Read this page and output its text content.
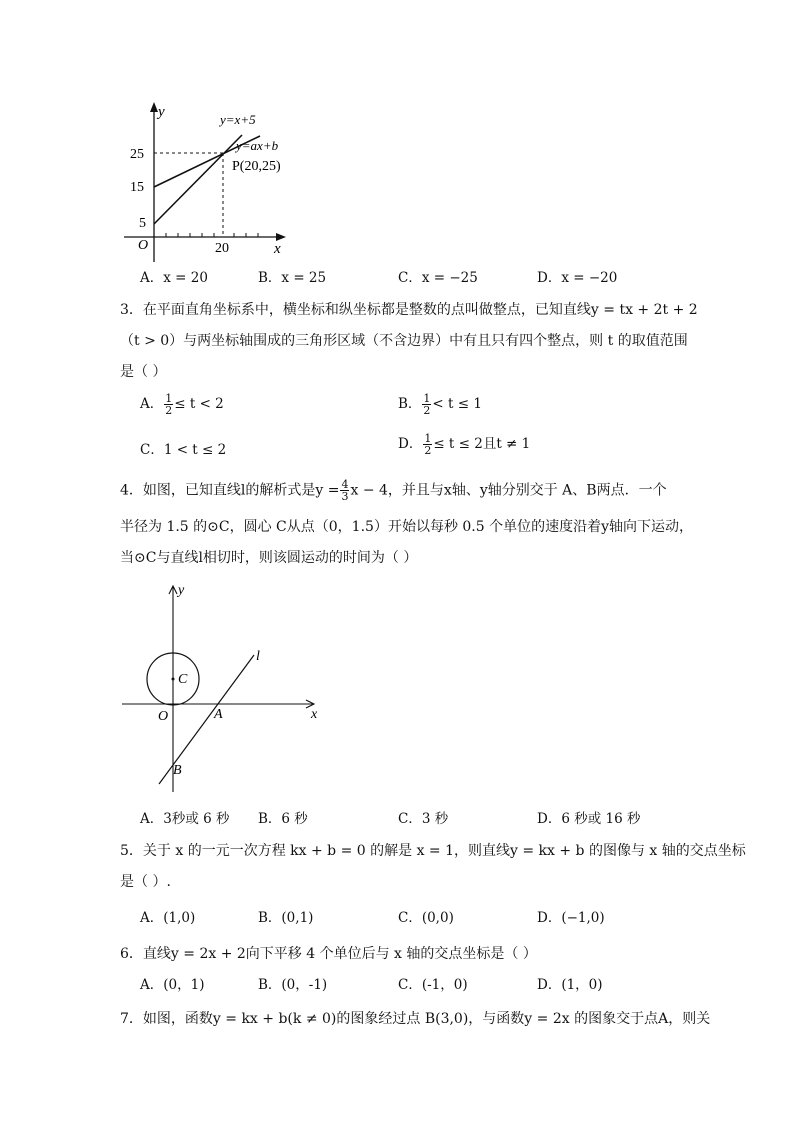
y
x
O
y=x+5
y=ax+b
P(20,25)
25
15
5
20
A．x = 20	B．x = 25	C．x = −25	D．x = −20
3．在平面直角坐标系中，横坐标和纵坐标都是整数的点叫做整点，已知直线y = tx + 2t + 2
（t > 0）与两坐标轴围成的三角形区域（不含边界）中有且只有四个整点，则 t 的取值范围
是（ ）
A． $\frac{1}{2} \le t < 2$	B． $\frac{1}{2} < t \le 1$
C．1 < t ≤ 2	D． $\frac{1}{2} \le t \le 2$且t ≠ 1
4．如图，已知直线l的解析式是$y = \frac{4}{3}$ x − 4，并且与x轴、y轴分别交于 A、B两点．一个
半径为 1.5 的⊙C，圆心 C从点（0，1.5）开始以每秒 0.5 个单位的速度沿着y轴向下运动，
当⊙C与直线l相切时，则该圆运动的时间为（ ）
y
x
O
C
l
A
B
A．3秒或 6 秒 B．6 秒	C．3 秒	D．6 秒或 16 秒
5．关于 x 的一元一次方程 kx + b = 0 的解是 x = 1，则直线y = kx + b 的图像与 x 轴的交点坐标
是（ ）.
A．(1,0)	B．(0,1)	C．(0,0)	D．(−1,0)
6．直线y = 2x + 2向下平移 4 个单位后与 x 轴的交点坐标是（ ）
A．(0，1)	B．(0，-1)	C．(-1，0)	D．(1，0)
7．如图，函数y = kx + b(k ≠ 0)的图象经过点 B(3,0)，与函数y = 2x 的图象交于点A，则关
